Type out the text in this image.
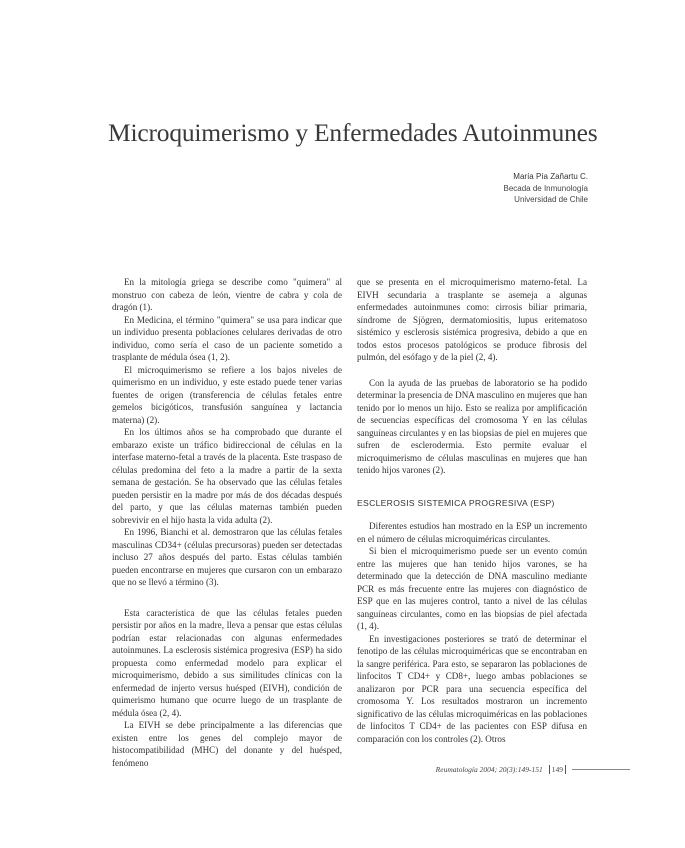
Microquimerismo y Enfermedades Autoinmunes
María Pía Zañartu C.
Becada de Inmunología
Universidad de Chile

En la mitología griega se describe como "quimera" al monstruo con cabeza de león, vientre de cabra y cola de dragón (1).

En Medicina, el término "quimera" se usa para indicar que un individuo presenta poblaciones celulares derivadas de otro individuo, como sería el caso de un paciente sometido a trasplante de médula ósea (1, 2).

El microquimerismo se refiere a los bajos niveles de quimerismo en un individuo, y este estado puede tener varias fuentes de origen (transferencia de células fetales entre gemelos bicigóticos, transfusión sanguínea y lactancia materna) (2).

En los últimos años se ha comprobado que durante el embarazo existe un tráfico bidireccional de células en la interfase materno-fetal a través de la placenta. Este traspaso de células predomina del feto a la madre a partir de la sexta semana de gestación. Se ha observado que las células fetales pueden persistir en la madre por más de dos décadas después del parto, y que las células maternas también pueden sobrevivir en el hijo hasta la vida adulta (2).

En 1996, Bianchi et al. demostraron que las células fetales masculinas CD34+ (células precursoras) pueden ser detectadas incluso 27 años después del parto. Estas células también pueden encontrarse en mujeres que cursaron con un embarazo que no se llevó a término (3).

Esta característica de que las células fetales pueden persistir por años en la madre, lleva a pensar que estas células podrían estar relacionadas con algunas enfermedades autoinmunes. La esclerosis sistémica progresiva (ESP) ha sido propuesta como enfermedad modelo para explicar el microquimerismo, debido a sus similitudes clínicas con la enfermedad de injerto versus huésped (EIVH), condición de quimerismo humano que ocurre luego de un trasplante de médula ósea (2, 4).

La EIVH se debe principalmente a las diferencias que existen entre los genes del complejo mayor de histocompatibilidad (MHC) del donante y del huésped, fenómeno

que se presenta en el microquimerismo materno-fetal. La EIVH secundaria a trasplante se asemeja a algunas enfermedades autoinmunes como: cirrosis biliar primaria, síndrome de Sjögren, dermatomiositis, lupus eritematoso sistémico y esclerosis sistémica progresiva, debido a que en todos estos procesos patológicos se produce fibrosis del pulmón, del esófago y de la piel (2, 4).

Con la ayuda de las pruebas de laboratorio se ha podido determinar la presencia de DNA masculino en mujeres que han tenido por lo menos un hijo. Esto se realiza por amplificación de secuencias específicas del cromosoma Y en las células sanguíneas circulantes y en las biopsias de piel en mujeres que sufren de esclerodermia. Esto permite evaluar el microquimerismo de células masculinas en mujeres que han tenido hijos varones (2).

ESCLEROSIS SISTEMICA PROGRESIVA (ESP)

Diferentes estudios han mostrado en la ESP un incremento en el número de células microquiméricas circulantes.

Si bien el microquimerismo puede ser un evento común entre las mujeres que han tenido hijos varones, se ha determinado que la detección de DNA masculino mediante PCR es más frecuente entre las mujeres con diagnóstico de ESP que en las mujeres control, tanto a nivel de las células sanguíneas circulantes, como en las biopsias de piel afectada (1, 4).

En investigaciones posteriores se trató de determinar el fenotipo de las células microquiméricas que se encontraban en la sangre periférica. Para esto, se separaron las poblaciones de linfocitos T CD4+ y CD8+, luego ambas poblaciones se analizaron por PCR para una secuencia específica del cromosoma Y. Los resultados mostraron un incremento significativo de las células microquiméricas en las poblaciones de linfocitos T CD4+ de las pacientes con ESP difusa en comparación con los controles (2). Otros

Reumatología 2004; 20(3):149-151	149
